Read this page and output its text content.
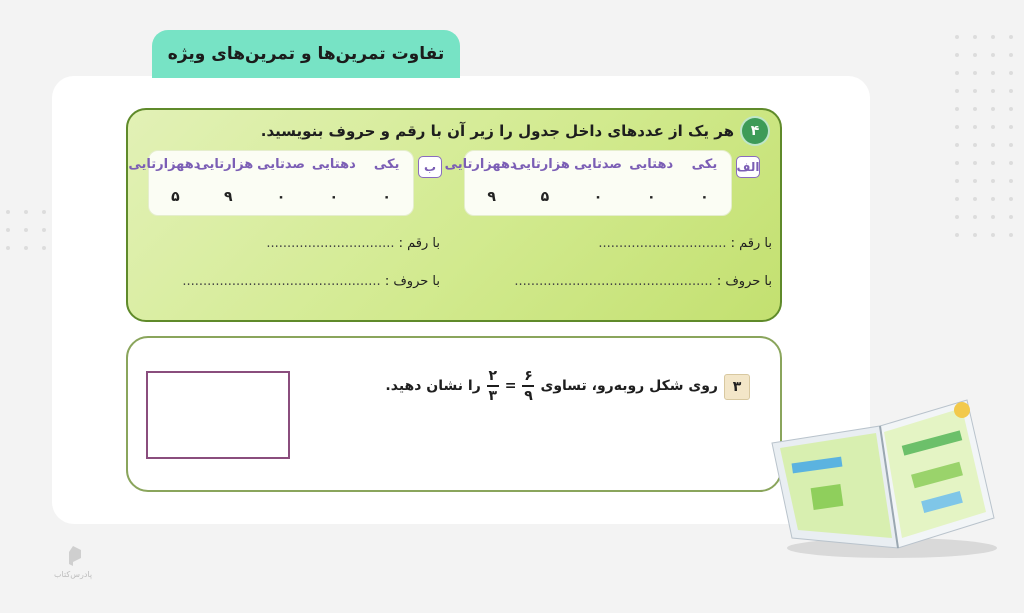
تفاوت تمرین‌ها و تمرین‌های ویژه
۴
هر یک از عددهای داخل جدول را زیر آن با رقم و حروف بنویسید.
الف
یکی
دهتایی
صدتایی
هزارتایی
دههزارتایی
۰
۰
۰
۵
۹
ب
یکی
دهتایی
صدتایی
هزارتایی
دههزارتایی
۰
۰
۰
۹
۵
با رقم : ...............................
با حروف : ................................................
با رقم : ...............................
با حروف : ................................................
۳
روی شکل روبه‌رو، تساوی
$\frac{۶}{۹}$
=
$\frac{۲}{۳}$
را نشان دهید.
پادرس‌کتاب
